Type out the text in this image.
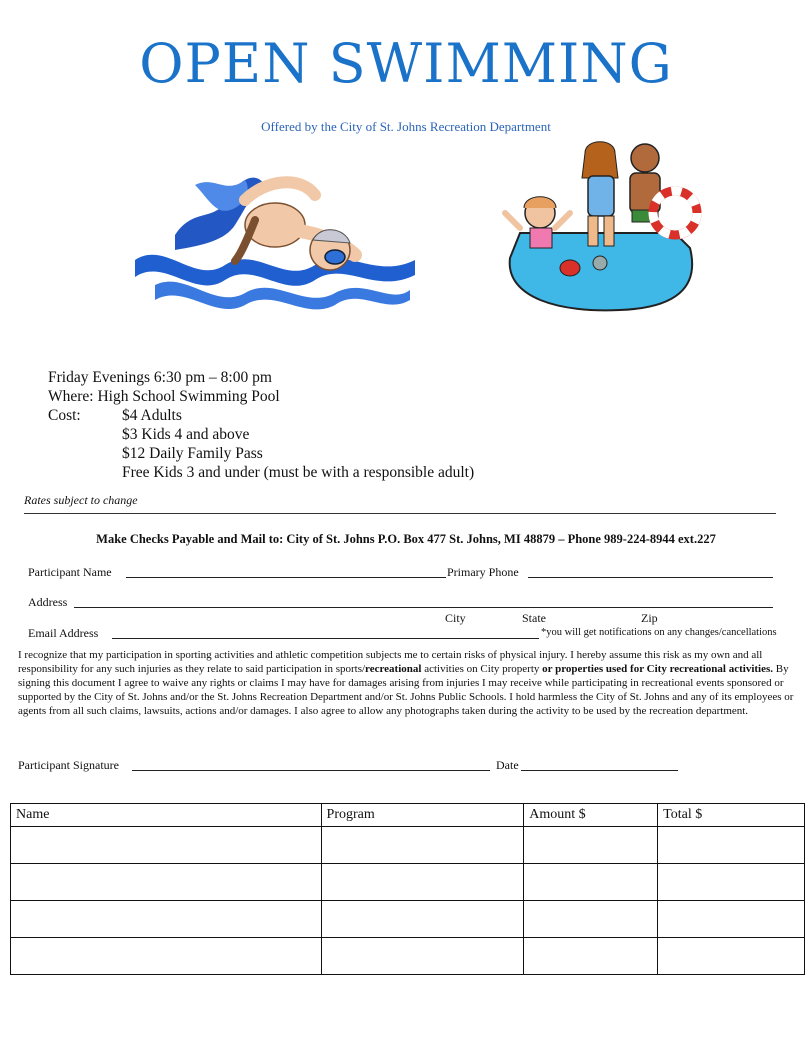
OPEN SWIMMING
Offered by the City of St. Johns Recreation Department
Friday Evenings 6:30 pm – 8:00 pm
Where: High School Swimming Pool
Cost:	$4 Adults
$3 Kids 4 and above
$12 Daily Family Pass
Free Kids 3 and under (must be with a responsible adult)
Rates subject to change
Make Checks Payable and Mail to: City of St. Johns P.O. Box 477 St. Johns, MI 48879 – Phone 989-224-8944 ext.227
Participant Name	Primary Phone
Address
City	State	Zip
Email Address	*you will get notifications on any changes/cancellations
I recognize that my participation in sporting activities and athletic competition subjects me to certain risks of physical injury. I hereby assume this risk as my own and all responsibility for any such injuries as they relate to said participation in sports/recreational activities on City property or properties used for City recreational activities. By signing this document I agree to waive any rights or claims I may have for damages arising from injuries I may receive while participating in recreational events sponsored or supported by the City of St. Johns and/or the St. Johns Recreation Department and/or St. Johns Public Schools. I hold harmless the City of St. Johns and any of its employees or agents from all such claims, lawsuits, actions and/or damages. I also agree to allow any photographs taken during the activity to be used by the recreation department.
Participant Signature	Date
Name	Program	Amount $	Total $
